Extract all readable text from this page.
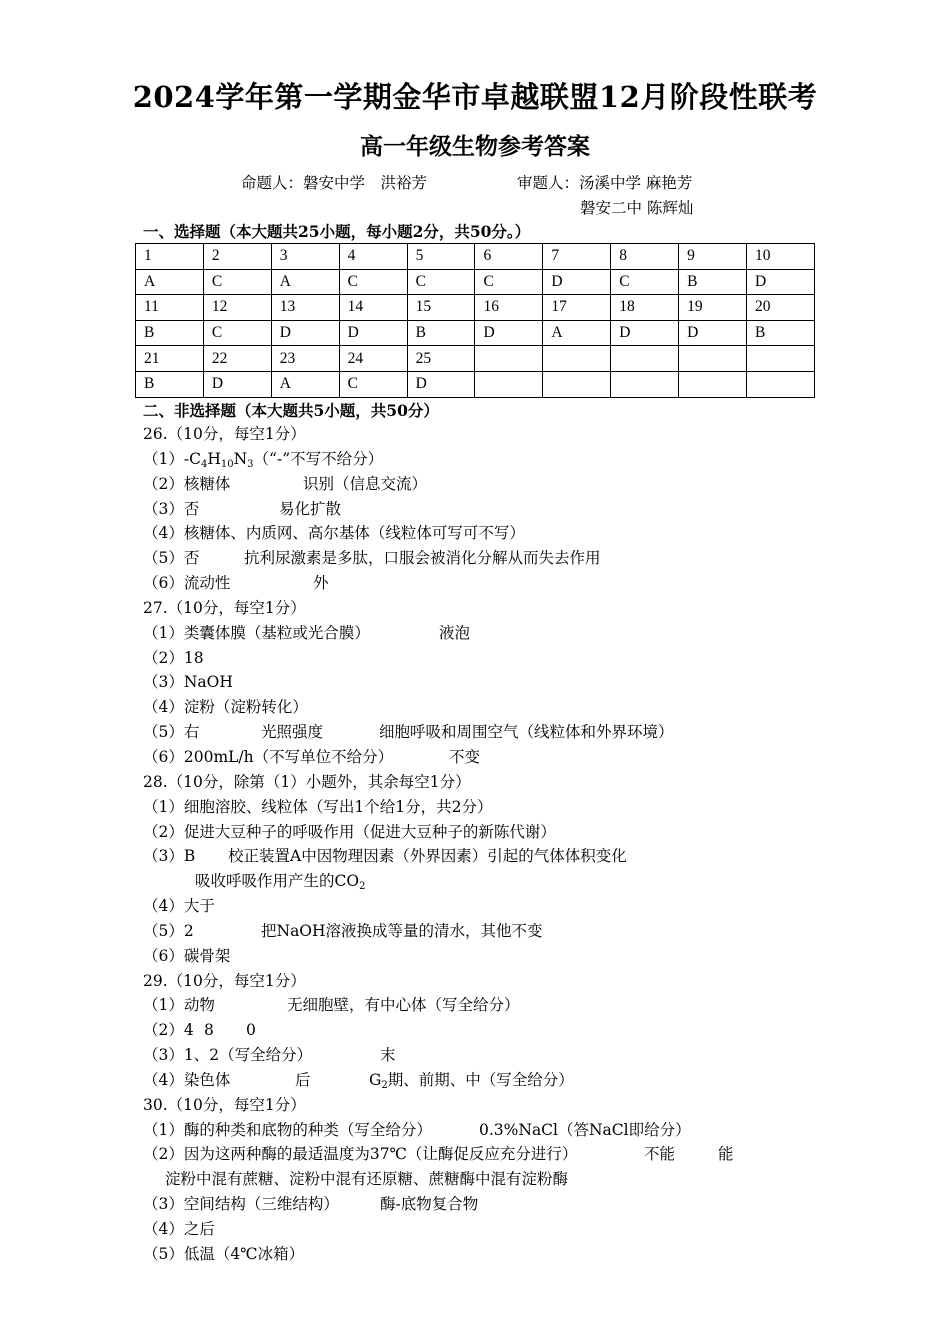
2024学年第一学期金华市卓越联盟12月阶段性联考
高一年级生物参考答案
命题人：磐安中学　洪裕芳	审题人：汤溪中学 麻艳芳
磐安二中 陈辉灿
一、选择题（本大题共25小题，每小题2分，共50分。）
1	2	3	4	5	6	7	8	9	10
A	C	A	C	C	C	D	C	B	D
11	12	13	14	15	16	17	18	19	20
B	C	D	D	B	D	A	D	D	B
21	22	23	24	25					
B	D	A	C	D					
二、非选择题（本大题共5小题，共50分）
26.（10分，每空1分）
$(1)-C_4H_{10}N_3(“-$”不写不给分）
（2）核糖体	识别（信息交流）
（3）否	易化扩散
（4）核糖体、内质网、高尔基体（线粒体可写可不写）
（5）否	抗利尿激素是多肽，口服会被消化分解从而失去作用
（6）流动性	外
27.（10分，每空1分）
（1）类囊体膜（基粒或光合膜）	液泡
（2）18
（3）NaOH
（4）淀粉（淀粉转化）
（5）右	光照强度	细胞呼吸和周围空气（线粒体和外界环境）
（6）200mL/h（不写单位不给分）	不变
28.（10分，除第（1）小题外，其余每空1分）
（1）细胞溶胶、线粒体（写出1个给1分，共2分）
（2）促进大豆种子的呼吸作用（促进大豆种子的新陈代谢）
（3）B 校正装置A中因物理因素（外界因素）引起的气体体积变化
吸收呼吸作用产生的$CO_2$
（4）大于
（5）2	把NaOH溶液换成等量的清水，其他不变
（6）碳骨架
29.（10分，每空1分）
（1）动物	无细胞壁，有中心体（写全给分）
（2）4 8 0
（3）1、2（写全给分）	末
（4）染色体	后	$G_2$期、前期、中（写全给分）
30.（10分，每空1分）
（1）酶的种类和底物的种类（写全给分）	0.3%NaCl（答NaCl即给分）
（2）因为这两种酶的最适温度为37℃（让酶促反应充分进行）	不能	能
淀粉中混有蔗糖、淀粉中混有还原糖、蔗糖酶中混有淀粉酶
（3）空间结构（三维结构）	酶-底物复合物
（4）之后
（5）低温（4℃冰箱）
